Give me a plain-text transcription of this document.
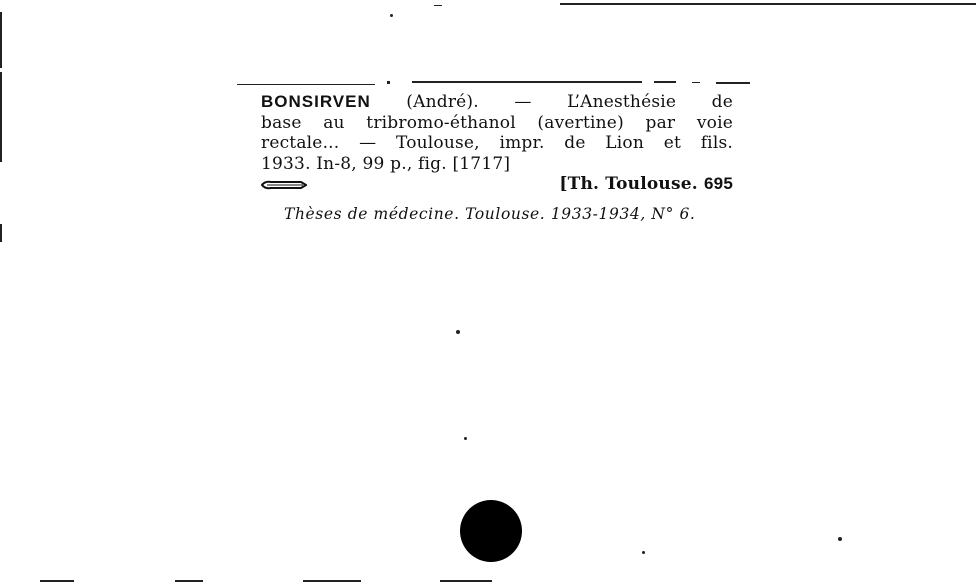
BONSIRVEN (André). — L’Anesthésie de
base au tribromo-éthanol (avertine) par voie
rectale... — Toulouse, impr. de Lion et fils.
1933. In-8, 99 p., fig. [1717]
[Th. Toulouse. 695
Thèses de médecine. Toulouse. 1933-1934, N° 6.
